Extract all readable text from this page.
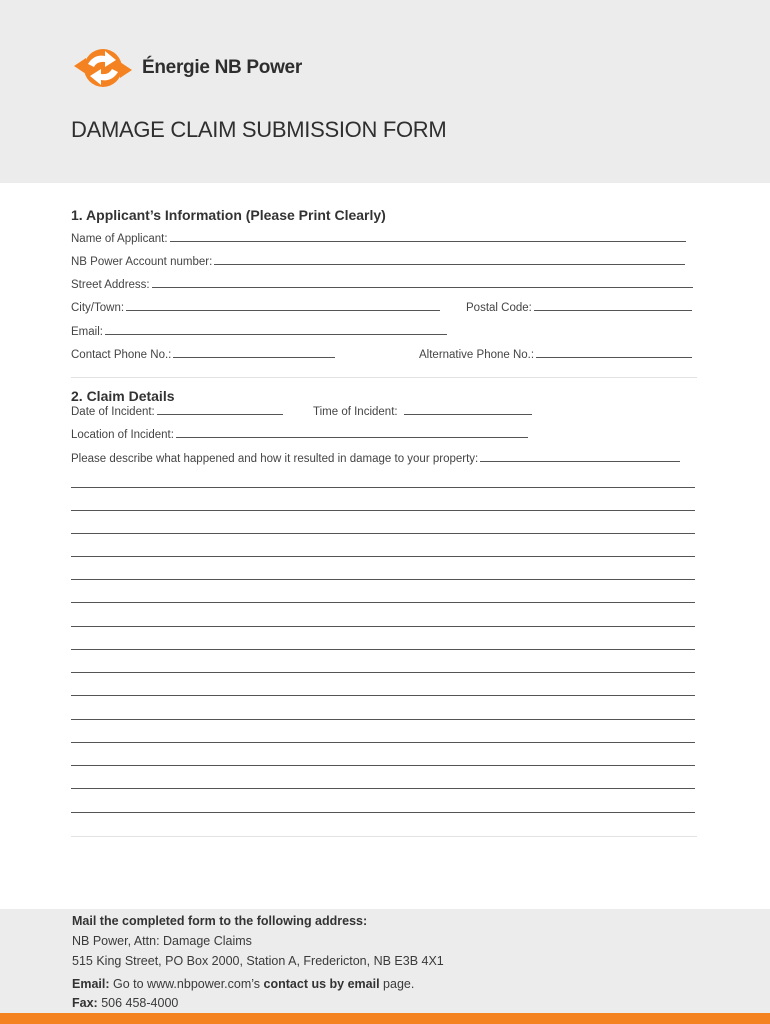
Énergie NB Power
DAMAGE CLAIM SUBMISSION FORM
1. Applicant’s Information (Please Print Clearly)
Name of Applicant:
NB Power Account number:
Street Address:
City/Town:	Postal Code:
Email:
Contact Phone No.:	Alternative Phone No.:
2. Claim Details
Date of Incident:	Time of Incident:
Location of Incident:
Please describe what happened and how it resulted in damage to your property:
Mail the completed form to the following address:
NB Power, Attn: Damage Claims
515 King Street, PO Box 2000, Station A, Fredericton, NB E3B 4X1
Email: Go to www.nbpower.com’s contact us by email page.
Fax: 506 458-4000
